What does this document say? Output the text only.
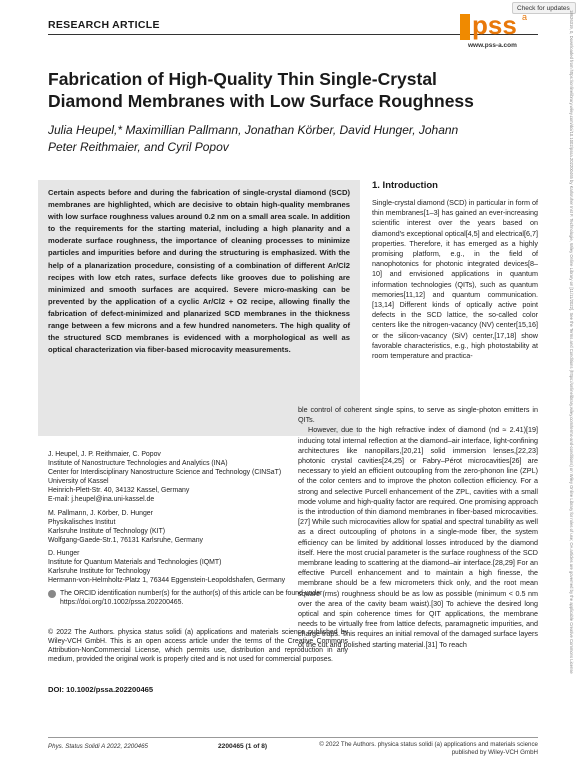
Check for updates
18626319, 0, Downloaded from https://onlinelibrary.wiley.com/doi/10.1002/pssa.202200465 by Karlsruher Inst F. Technologie, Wiley Online Library on [11/11/2022]. See the Terms and Conditions (https://onlinelibrary.wiley.com/terms-and-conditions) on Wiley Online Library for rules of use; OA articles are governed by the applicable Creative Commons License
RESEARCH ARTICLE	pss a
www.pss-a.com
Fabrication of High-Quality Thin Single-Crystal Diamond Membranes with Low Surface Roughness
Julia Heupel,* Maximillian Pallmann, Jonathan Körber, David Hunger, Johann Peter Reithmaier, and Cyril Popov

Certain aspects before and during the fabrication of single-crystal diamond (SCD) membranes are highlighted, which are decisive to obtain high-quality membranes with low surface roughness values around 0.2 nm on a small area scale. In addition to the requirements for the starting material, including a high planarity and a moderate surface roughness, the importance of cleaning processes to minimize particles and impurities before and during the structuring is emphasized. With the help of a planarization procedure, consisting of a combination of different Ar/Cl2 recipes with low etch rates, surface defects like grooves due to polishing are minimized and smooth surfaces are acquired. Severe micro-masking can be prevented by the application of a cyclic Ar/Cl2 + O2 recipe, allowing finally the fabrication of defect-minimized and planarized SCD membranes in the thickness range between a few microns and a few hundred nanometers. The high quality of the structured SCD membranes is evidenced with a morphological as well as optical characterization via fiber-based microcavity measurements.

J. Heupel, J. P. Reithmaier, C. Popov
Institute of Nanostructure Technologies and Analytics (INA)
Center for Interdisciplinary Nanostructure Science and Technology (CINSaT)
University of Kassel
Heinrich-Plett-Str. 40, 34132 Kassel, Germany
E-mail: j.heupel@ina.uni-kassel.de
M. Pallmann, J. Körber, D. Hunger
Physikalisches Institut
Karlsruhe Institute of Technology (KIT)
Wolfgang-Gaede-Str.1, 76131 Karlsruhe, Germany
D. Hunger
Institute for Quantum Materials and Technologies (IQMT)
Karlsruhe Institute for Technology
Hermann-von-Helmholtz-Platz 1, 76344 Eggenstein-Leopoldshafen, Germany
The ORCID identification number(s) for the author(s) of this article can be found under https://doi.org/10.1002/pssa.202200465.
© 2022 The Authors. physica status solidi (a) applications and materials science published by Wiley-VCH GmbH. This is an open access article under the terms of the Creative Commons Attribution-NonCommercial License, which permits use, distribution and reproduction in any medium, provided the original work is properly cited and is not used for commercial purposes.
DOI: 10.1002/pssa.202200465
1. Introduction

Single-crystal diamond (SCD) in particular in form of thin membranes[1–3] has gained an ever-increasing scientific interest over the years based on diamond's exceptional optical[4,5] and electrical[6,7] properties. Therefore, it has emerged as a highly promising platform, e.g., in the field of nanophotonics for photonic integrated devices[8–10] and envisioned applications in quantum information technologies (QITs), such as quantum memories[11,12] and quantum communication.[13,14] Different kinds of optically active point defects in the SCD lattice, the so-called color centers like the nitrogen-vacancy (NV) center[15,16] or the silicon-vacancy (SiV) center,[17,18] show favorable characteristics, e.g., high photostability at room temperature and practica-

ble control of coherent single spins, to serve as single-photon emitters in QITs.

However, due to the high refractive index of diamond (nd ≈ 2.41)[19] inducing total internal reflection at the diamond–air interface, light-confining architectures like nanopillars,[20,21] solid immersion lenses,[22,23] photonic crystal cavities[24,25] or Fabry–Pérot microcavities[26] are necessary to yield an efficient outcoupling from the zero-phonon line (ZPL) of the color centers and to improve the photon collection efficiency. For a strong and selective Purcell enhancement of the ZPL, cavities with a small mode volume and high-quality factor are required. One promising approach is the introduction of thin diamond membranes in fiber-based microcavities.[27] While such microcavities allow for spatial and spectral tunability as well as a direct outcoupling of photons in a single-mode fiber, the system efficiency can be limited by additional losses introduced by the diamond itself. Here the most crucial parameter is the surface roughness of the SCD membrane leading to scattering at the diamond–air interface.[28,29] For an effective Purcell enhancement and to maintain a high finesse, the membrane should be a few micrometers thick only, and the root mean square (rms) roughness should be as low as possible (minimum < 0.5 nm over the area of the cavity beam waist).[30] To achieve the desired long optical and spin coherence times for QIT applications, the membrane needs to be virtually free from lattice defects, paramagnetic impurities, and charge traps. This requires an initial removal of the damaged surface layers of the cut and polished starting material.[31] To reach

Phys. Status Solidi A 2022, 2200465	2200465 (1 of 8)	© 2022 The Authors. physica status solidi (a) applications and materials science published by Wiley-VCH GmbH
